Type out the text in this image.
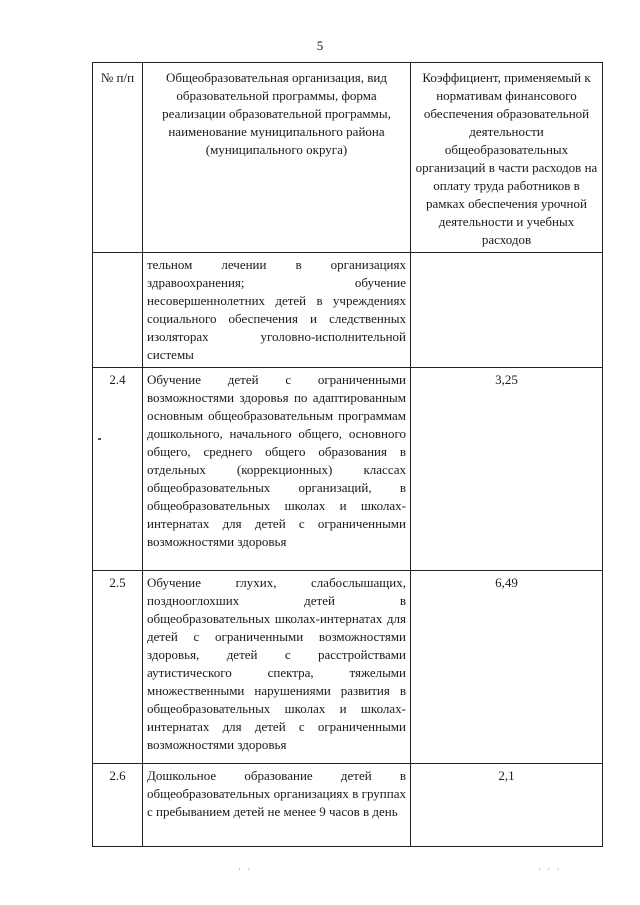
5
№ п/п	Общеобразовательная организация, вид образовательной программы, форма реализации образовательной программы, наименование муниципального района (муниципального округа)	Коэффициент, применяемый к нормативам финансового обеспечения образовательной деятельности общеобразовательных организаций в части расходов на оплату труда работников в рамках обеспечения урочной деятельности и учебных расходов
	тельном лечении в организациях здравоохранения; обучение несовершеннолетних детей в учреждениях социального обеспечения и следственных изоляторах уголовно-исполнительной системы	
2.4	Обучение детей с ограниченными возможностями здоровья по адаптированным основным общеобразовательным программам дошкольного, начального общего, основного общего, среднего общего образования в отдельных (коррекционных) классах общеобразовательных организаций, в общеобразовательных школах и школах-интернатах для детей с ограниченными возможностями здоровья	3,25
2.5	Обучение глухих, слабослышащих, позднооглохших детей в общеобразовательных школах-интернатах для детей с ограниченными возможностями здоровья, детей с расстройствами аутистического спектра, тяжелыми множественными нарушениями развития в общеобразовательных школах и школах-интернатах для детей с ограниченными возможностями здоровья	6,49
2.6	Дошкольное образование детей в общеобразовательных организациях в группах с пребыванием детей не менее 9 часов в день	2,1
· ·	· · ·
